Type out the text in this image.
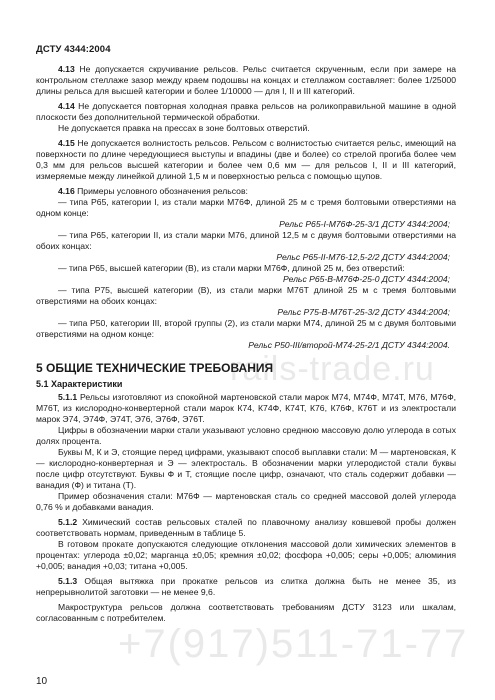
ДСТУ 4344:2004

4.13 Не допускается скручивание рельсов. Рельс считается скрученным, если при замере на контрольном стеллаже зазор между краем подошвы на концах и стеллажом составляет: более 1/25000 длины рельса для высшей категории и более 1/10000 — для I, II и III категорий.

4.14 Не допускается повторная холодная правка рельсов на роликоправильной машине в одной плоскости без дополнительной термической обработки.

Не допускается правка на прессах в зоне болтовых отверстий.

4.15 Не допускается волнистость рельсов. Рельсом с волнистостью считается рельс, имеющий на поверхности по длине чередующиеся выступы и впадины (две и более) со стрелой прогиба более чем 0,3 мм для рельсов высшей категории и более чем 0,6 мм — для рельсов I, II и III категорий, измеряемые между линейкой длиной 1,5 м и поверхностью рельса с помощью щупов.

4.16 Примеры условного обозначения рельсов:

— типа Р65, категории I, из стали марки М76Ф, длиной 25 м с тремя болтовыми отверстиями на одном конце:

Рельс Р65-I-М76Ф-25-3/1 ДСТУ 4344:2004;

— типа Р65, категории II, из стали марки М76, длиной 12,5 м с двумя болтовыми отверстиями на обоих концах:

Рельс Р65-II-М76-12,5-2/2 ДСТУ 4344:2004;

— типа Р65, высшей категории (В), из стали марки М76Ф, длиной 25 м, без отверстий:

Рельс Р65-В-М76Ф-25-0 ДСТУ 4344:2004;

— типа Р75, высшей категории (В), из стали марки М76Т длиной 25 м с тремя болтовыми отверстиями на обоих концах:

Рельс Р75-В-М76Т-25-3/2 ДСТУ 4344:2004;

— типа Р50, категории III, второй группы (2), из стали марки М74, длиной 25 м с двумя болтовыми отверстиями на одном конце:

Рельс Р50-III/второй-М74-25-2/1 ДСТУ 4344:2004.

5 ОБЩИЕ ТЕХНИЧЕСКИЕ ТРЕБОВАНИЯ

5.1 Характеристики

5.1.1 Рельсы изготовляют из спокойной мартеновской стали марок М74, М74Ф, М74Т, М76, М76Ф, М76Т, из кислородно-конвертерной стали марок К74, К74Ф, К74Т, К76, К76Ф, К76Т и из электростали марок Э74, Э74Ф, Э74Т, Э76, Э76Ф, Э76Т.

Цифры в обозначении марки стали указывают условно среднюю массовую долю углерода в сотых долях процента.

Буквы М, К и Э, стоящие перед цифрами, указывают способ выплавки стали: М — мартеновская, К — кислородно-конвертерная и Э — электросталь. В обозначении марки углеродистой стали буквы после цифр отсутствуют. Буквы Ф и Т, стоящие после цифр, означают, что сталь содержит добавки — ванадия (Ф) и титана (Т).

Пример обозначения стали: М76Ф — мартеновская сталь со средней массовой долей углерода 0,76 % и добавками ванадия.

5.1.2 Химический состав рельсовых сталей по плавочному анализу ковшевой пробы должен соответствовать нормам, приведенным в таблице 5.

В готовом прокате допускаются следующие отклонения массовой доли химических элементов в процентах: углерода ±0,02; марганца ±0,05; кремния ±0,02; фосфора +0,005; серы +0,005; алюминия +0,005; ванадия +0,03; титана +0,005.

5.1.3 Общая вытяжка при прокатке рельсов из слитка должна быть не менее 35, из непрерывнолитой заготовки — не менее 9,6.

Макроструктура рельсов должна соответствовать требованиям ДСТУ 3123 или шкалам, согласованным с потребителем.

rails-trade.ru
+7(917)511-71-77
10
